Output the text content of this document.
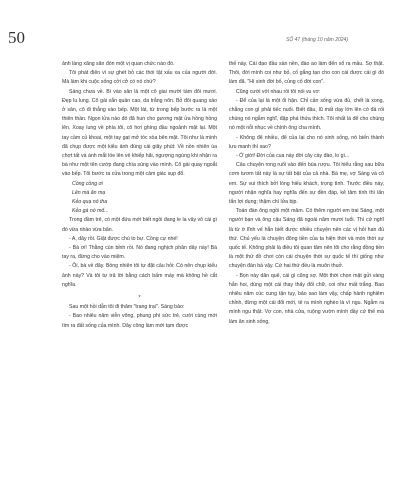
50	SỐ 47 (tháng 10 năm 2024)

ảnh làng xãng săn đón một vị quan chức nào đó.

Tôi phát điên vì sự ghét bỏ các thói tật xấu xa của người đời. Mà làm khi cuộc sống cởi cở có nó chứ?

Sáng chưa về. Bì vào sân là một cô giai mười tám đôi mươi. Đẹp lu lung. Cô gái xắn quần cao, da trắng nõn. Bỏ đôi quang xảo ở sân, cô đi thẳng vào bếp. Một lát, từ trong bếp bước ra là một thiên thần. Ngọn lửa nào đó đã hun cho gương mặt ửa hồng hồng lên. Xoay lung về phía tôi, cô hơi ghìng đầu ngoảnh mặt lại. Một tay cầm củ khoai, một tay gạt mở tóc xòa bên mặt. Tôi như là mình đã chụp được một kiểu ảnh đúng cái giây phút: Về nồn nhiên ùa chợt tất và ánh mắt lóe lên vẻ khiếp hãi, ngượng ngùng khi nhận ra bà như một tên cướp đang chìa súng vào mình. Cô gái quay ngoắt vào bếp. Tôi bước ra cửa trong một cảm giác sụp đổ.

Cồng cồng ơi

Lên mà ăn mạ

Kẻo quạ nó tha

Kẻo gà nó mổ...

Trong đầm trẻ, có một đứa mới biết ngồi đang le la vây vô cái gì đó vừa nhào vừa bẩn.

- A, dây rồi. Giật được chú to bự. Cồng cự nhé!

- Bà ơi! Thằng cún bỉnh rồi. Nó đang nghịch phân dây này! Bà tay ra, đừng cho vào miệm.

- Ôi, bà về đây. Bồng nhiên tôi tự đặt câu hỏi: Có nên chụp kiểu ảnh này? Và tôi tự trả lời bằng cách bấm máy mà không hề cắt nghĩa.

*

Sau một hồi dẫn tôi đi thăm "trang trại". Sáng bảo:

- Bao nhiêu năm viễn vông, phung phí sức trẻ, cười cùng mới tìm ra đất sống của mình. Dây công làm mới tạm được

thế này. Cái dạo đầu sàn nền, đào ao làm đến xổ ra mầu. Sợ thật. Thôi, đời mình coi như bỏ, cố gắng tạo cho con cái được cái gì đó làm đã. "Hí sinh đời bố, củng cố đời con".

Cũng cười với nhau rồi tôi nói vu vơ:

- Để của lại là một ổi hận. Chỉ cần sống vừa đủ, chết là xong, chẳng con gì phải tiếc nuối. Biết đâu, lũ mất dạy lớn lên có đá rối chúng nó ngẫm nghĩ, đập phá thứa thích. Tôi nhất là để cho chúng nó một nỗi nhục về chính ông cha mình.

- Không để nhiều, để của lại cho nó sinh sống, nó biến thành lưu manh thì sao?

- Ở giời! Đời của cua này đời cây cày đào, lo gì...

Câu chuyện rong ruổi vào đến bùa rượu. Tôi hiểu rằng sau bữa cơm tươm tất này là sự tất bật của cả nhà. Bà mẹ, vợ Sáng và cô em. Sự vui thích bởi lòng hiếu khách, trọng tình. Trước điều này, người nhận nghĩa hay nghĩa đến sự đền đáp, kẻ tâm tính thì lẩn tẩn lợi dụng; thậm chí lửa bịp.

Toán đàn ông ngồi một mâm. Có thêm người em trai Sáng, một người bạn và ông cậu Sáng đã ngoài năm mươi tuổi. Thì cứ nghĩ là từ ờ lĩnh vế hẳn biết được nhiều chuyện nên các vị hỏi han đủ thứ. Chủ yếu là chuyện đông tiền của ta hiện thời và món thời sự quốc tế. Không phải là điều tôi quan tâm nên tôi cho rằng đồng tiền là một thứ đồ chơi còn cái chuyện thời sự quốc tế thì giống như chuyện đàn bà vậy. Cứ hai thứ đều là muôn thuở.

- Bọn này dân quê, cái gì cũng sợ. Một thời chọn mặt gửi vàng hắn hoi, dùng một cái thay thấy đổi chữ, coi như mất trắng. Bao nhiêu năm cúc cung tận tụy, bảo sao làm vậy, chấp hành nghiêm chỉnh, đừng một cái đổi mới, tẻ ra mình nghèo là vì ngu. Ngẫm ra mình ngu thật. Vợ con, nhà cửa, ruộng vườn mình đầy cứ thế mà làm ăn sinh sống,
